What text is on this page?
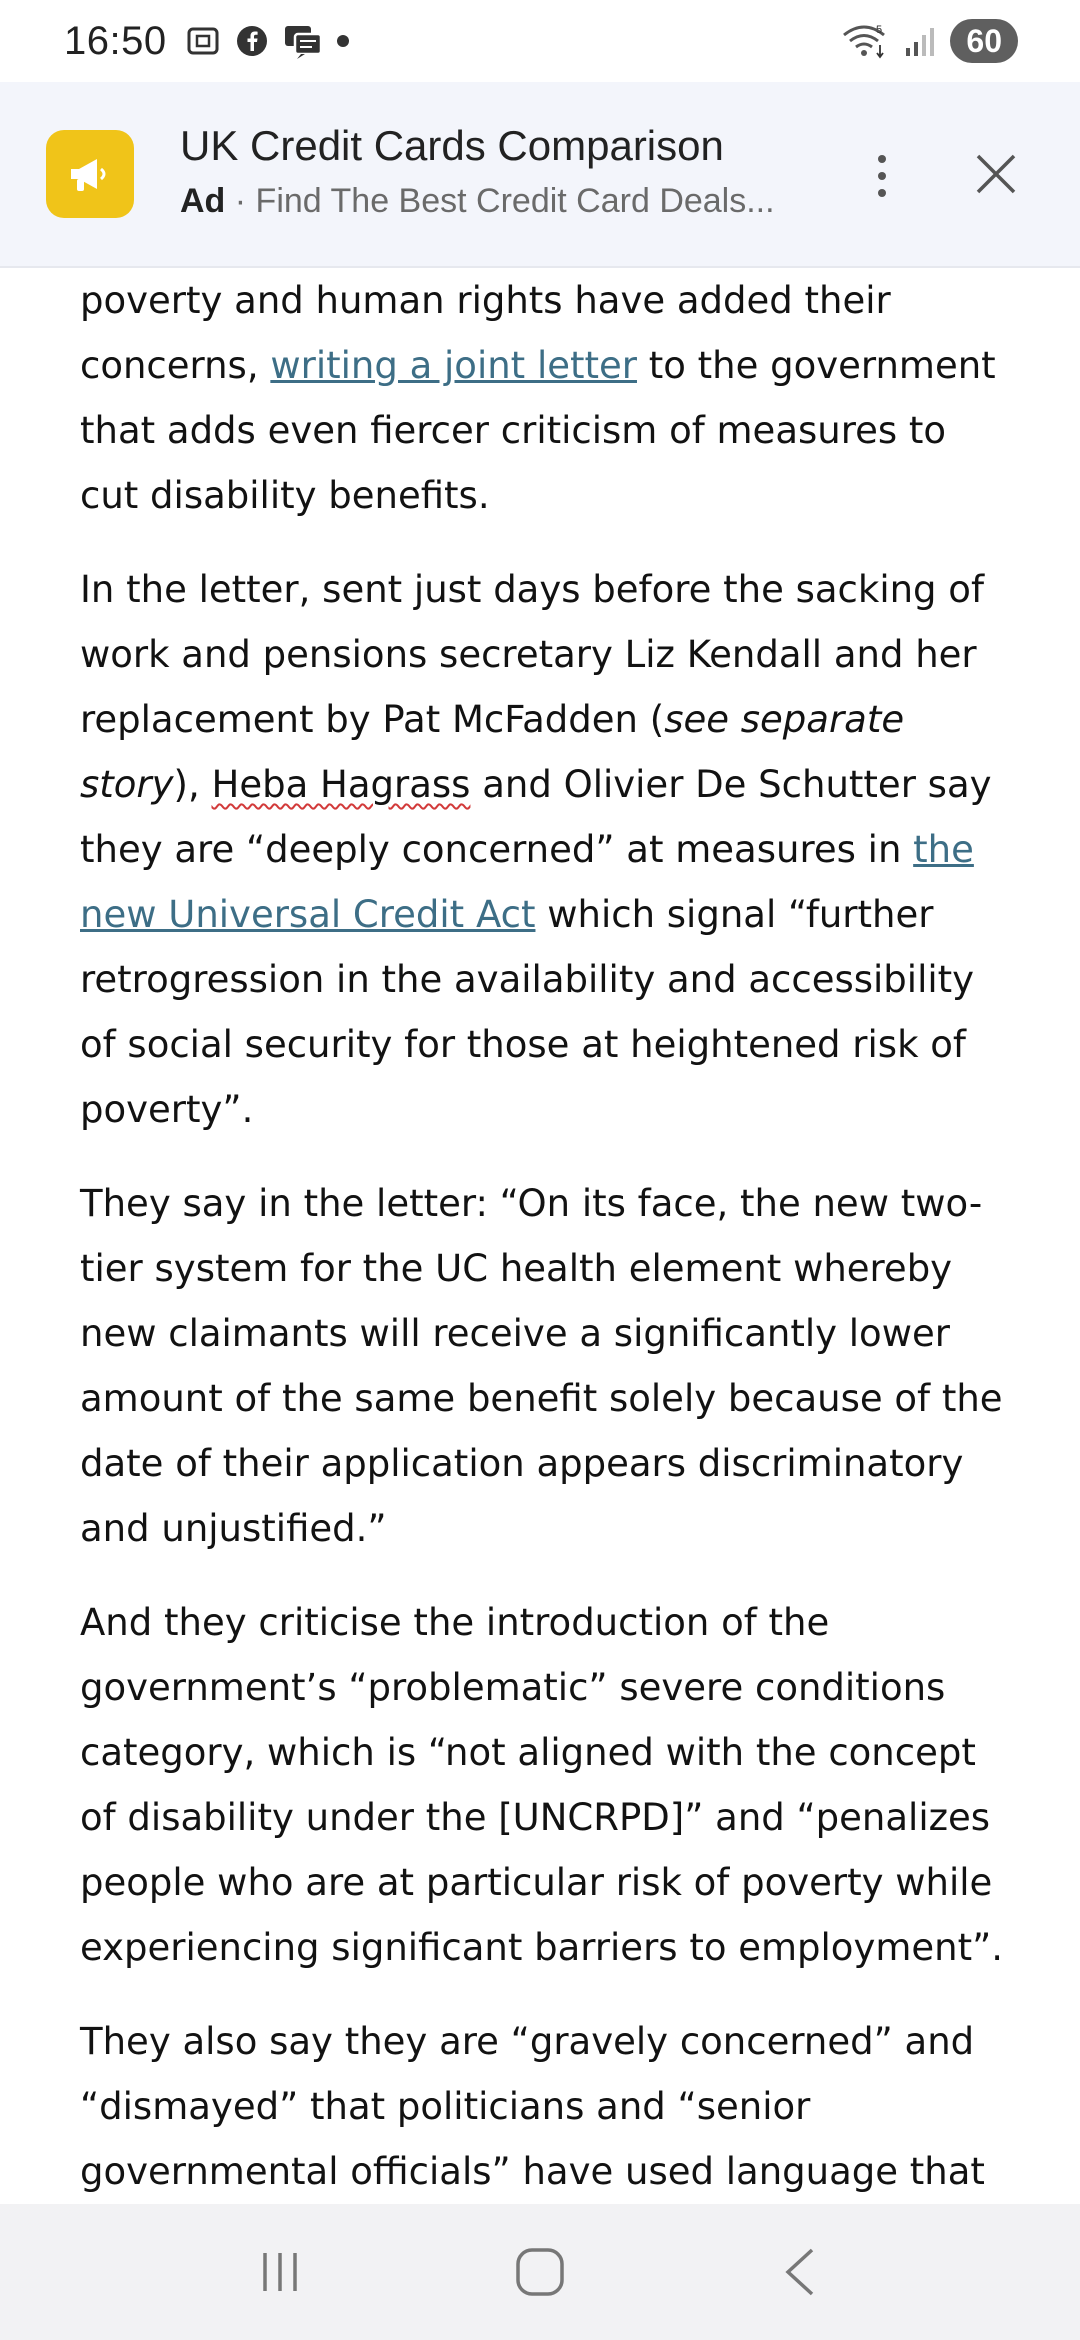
16:50	5	60
UK Credit Cards Comparison
Ad · Find The Best Credit Card Deals...

poverty and human rights have added their concerns, writing a joint letter to the government that adds even fiercer criticism of measures to cut disability benefits.

In the letter, sent just days before the sacking of work and pensions secretary Liz Kendall and her replacement by Pat McFadden (see separate story), Heba Hagrass and Olivier De Schutter say they are “deeply concerned” at measures in the new Universal Credit Act which signal “further retrogression in the availability and accessibility of social security for those at heightened risk of poverty”.

They say in the letter: “On its face, the new two-tier system for the UC health element whereby new claimants will receive a significantly lower amount of the same benefit solely because of the date of their application appears discriminatory and unjustified.”

And they criticise the introduction of the government’s “problematic” severe conditions category, which is “not aligned with the concept of disability under the [UNCRPD]” and “penalizes people who are at particular risk of poverty while experiencing significant barriers to employment”.

They also say they are “gravely concerned” and “dismayed” that politicians and “senior governmental officials” have used language that
